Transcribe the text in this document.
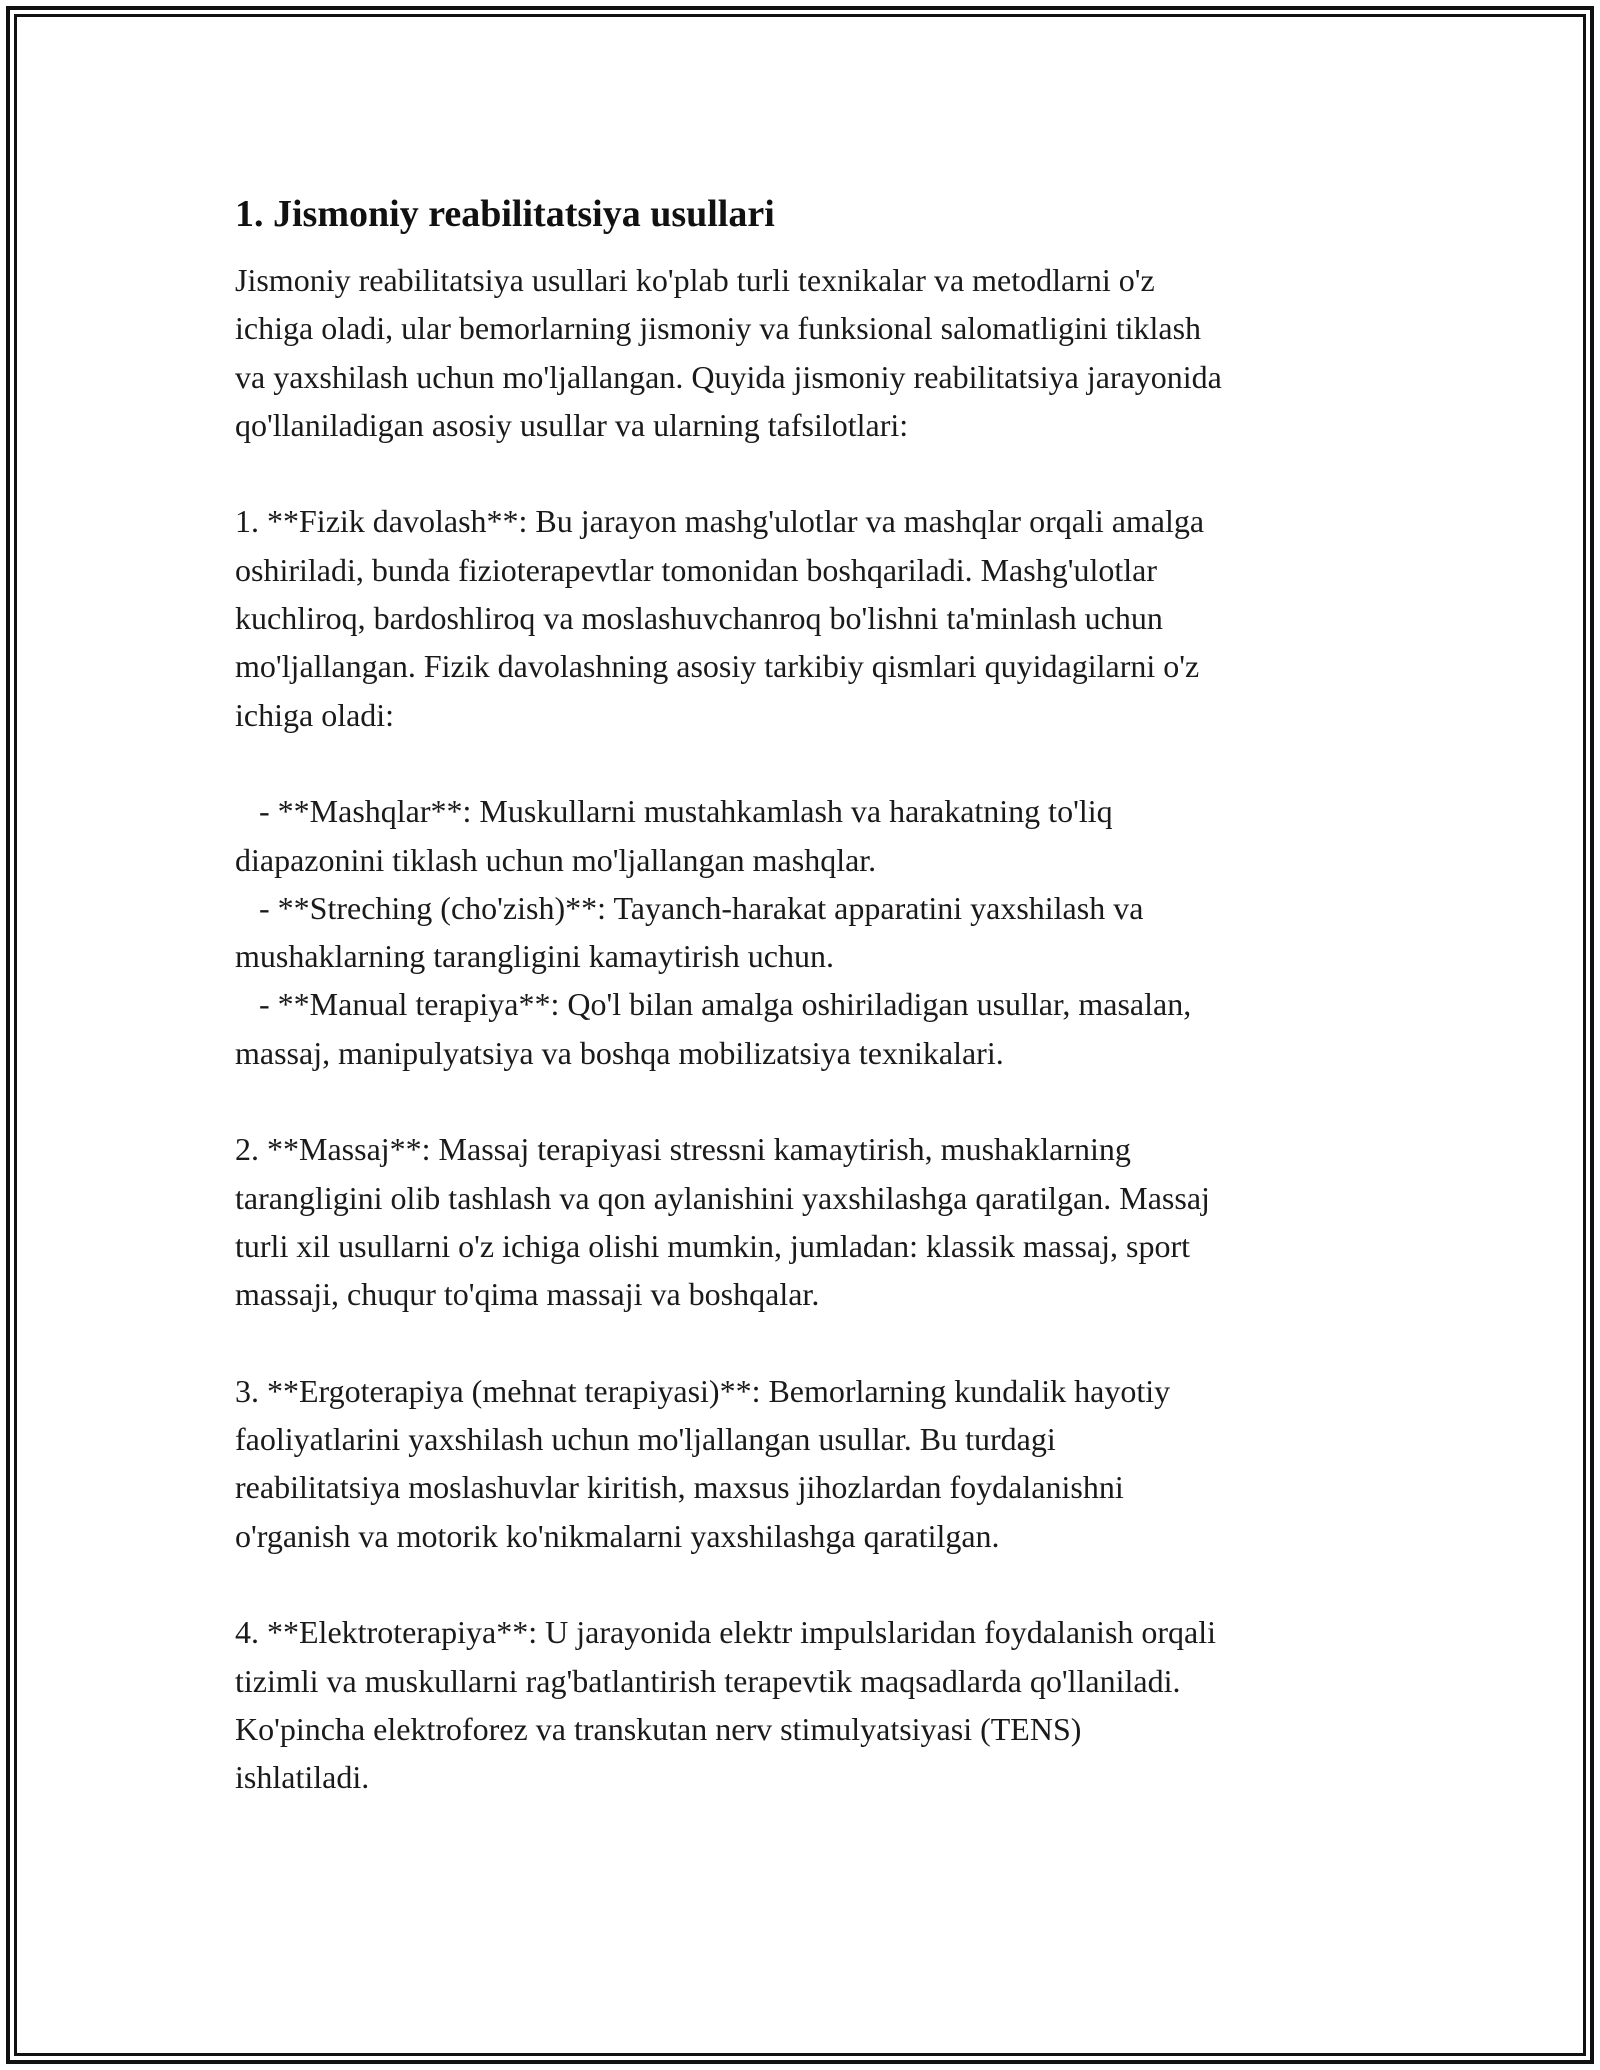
1. Jismoniy reabilitatsiya usullari

Jismoniy reabilitatsiya usullari ko'plab turli texnikalar va metodlarni o'z
ichiga oladi, ular bemorlarning jismoniy va funksional salomatligini tiklash
va yaxshilash uchun mo'ljallangan. Quyida jismoniy reabilitatsiya jarayonida
qo'llaniladigan asosiy usullar va ularning tafsilotlari:

1. **Fizik davolash**: Bu jarayon mashg'ulotlar va mashqlar orqali amalga
oshiriladi, bunda fizioterapevtlar tomonidan boshqariladi. Mashg'ulotlar
kuchliroq, bardoshliroq va moslashuvchanroq bo'lishni ta'minlash uchun
mo'ljallangan. Fizik davolashning asosiy tarkibiy qismlari quyidagilarni o'z
ichiga oladi:

- **Mashqlar**: Muskullarni mustahkamlash va harakatning to'liq
diapazonini tiklash uchun mo'ljallangan mashqlar.
- **Streching (cho'zish)**: Tayanch-harakat apparatini yaxshilash va
mushaklarning tarangligini kamaytirish uchun.
- **Manual terapiya**: Qo'l bilan amalga oshiriladigan usullar, masalan,
massaj, manipulyatsiya va boshqa mobilizatsiya texnikalari.

2. **Massaj**: Massaj terapiyasi stressni kamaytirish, mushaklarning
tarangligini olib tashlash va qon aylanishini yaxshilashga qaratilgan. Massaj
turli xil usullarni o'z ichiga olishi mumkin, jumladan: klassik massaj, sport
massaji, chuqur to'qima massaji va boshqalar.

3. **Ergoterapiya (mehnat terapiyasi)**: Bemorlarning kundalik hayotiy
faoliyatlarini yaxshilash uchun mo'ljallangan usullar. Bu turdagi
reabilitatsiya moslashuvlar kiritish, maxsus jihozlardan foydalanishni
o'rganish va motorik ko'nikmalarni yaxshilashga qaratilgan.

4. **Elektroterapiya**: U jarayonida elektr impulslaridan foydalanish orqali
tizimli va muskullarni rag'batlantirish terapevtik maqsadlarda qo'llaniladi.
Ko'pincha elektroforez va transkutan nerv stimulyatsiyasi (TENS)
ishlatiladi.
